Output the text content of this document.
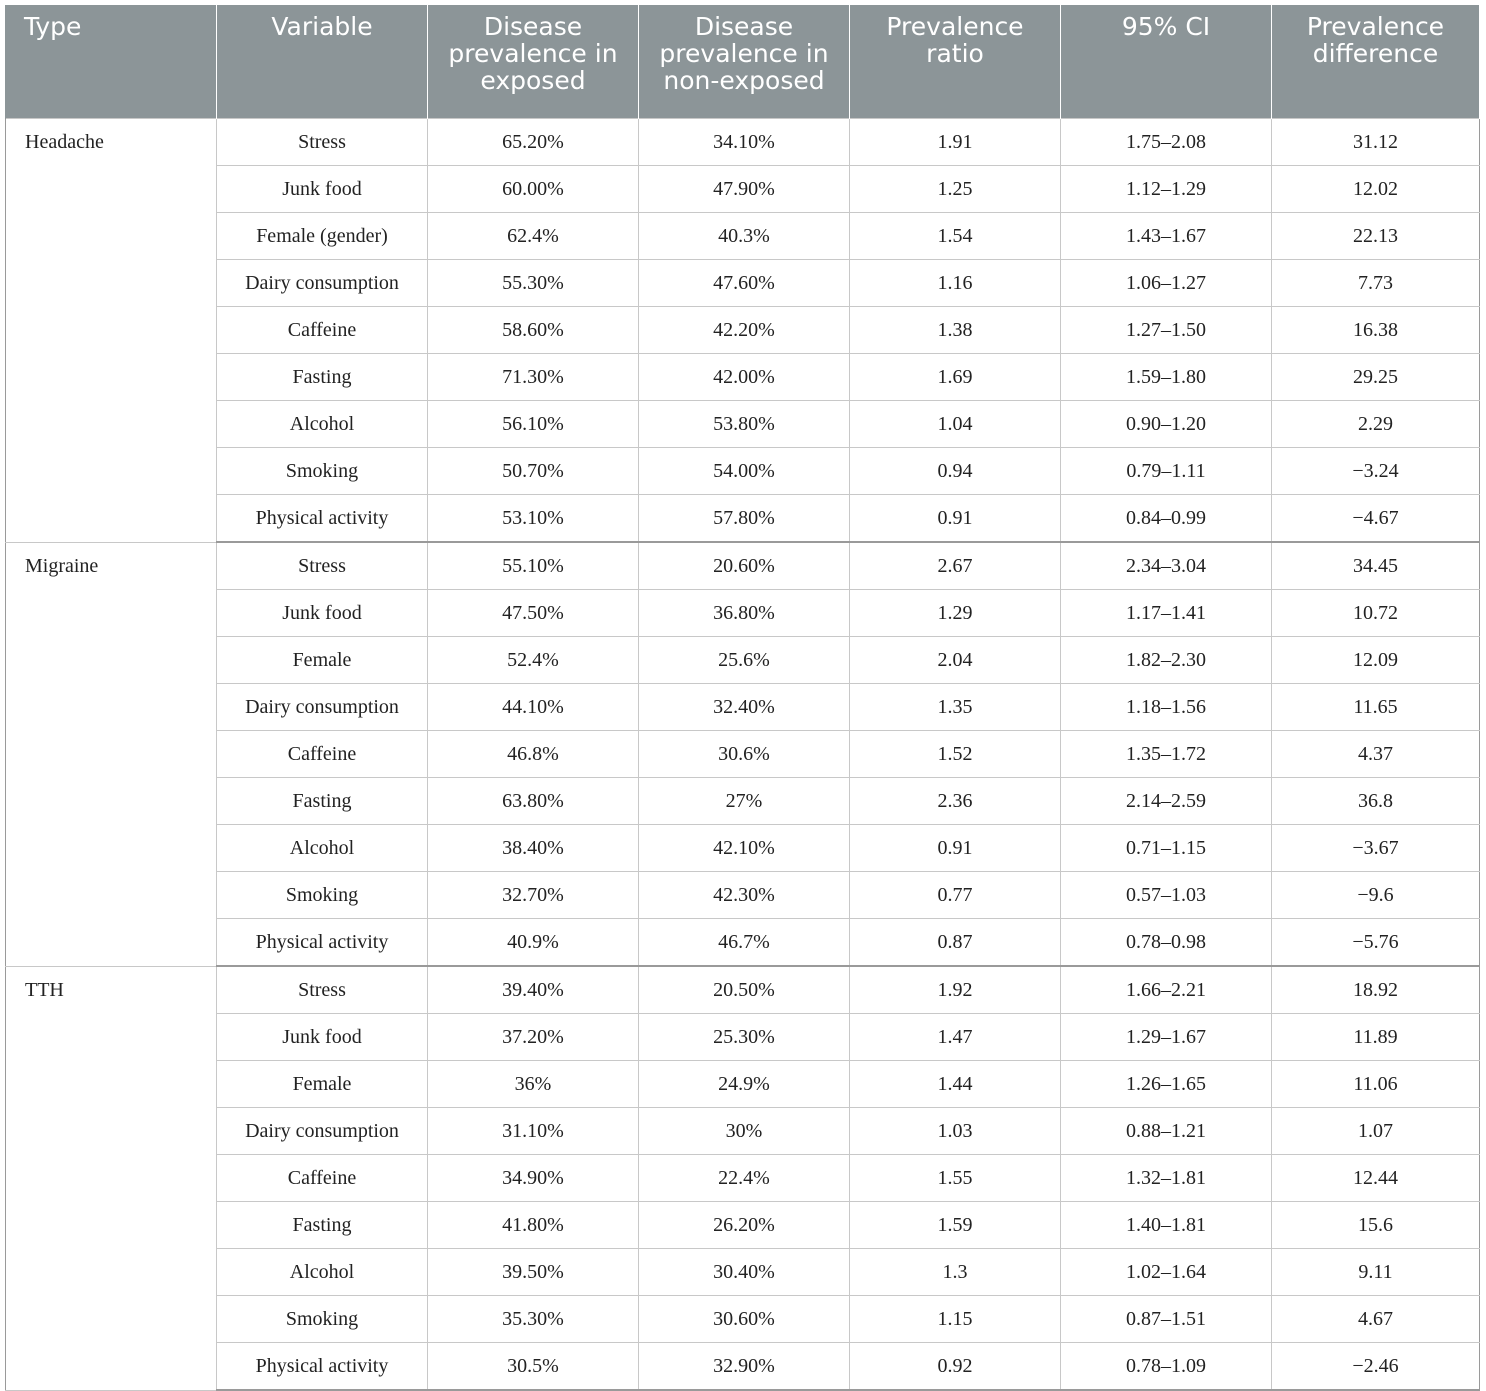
Type	Variable	Disease prevalence in exposed	Disease prevalence in non-exposed	Prevalence ratio	95% CI	Prevalence difference
Headache	Stress	65.20%	34.10%	1.91	1.75–2.08	31.12
	Junk food	60.00%	47.90%	1.25	1.12–1.29	12.02
	Female (gender)	62.4%	40.3%	1.54	1.43–1.67	22.13
	Dairy consumption	55.30%	47.60%	1.16	1.06–1.27	7.73
	Caffeine	58.60%	42.20%	1.38	1.27–1.50	16.38
	Fasting	71.30%	42.00%	1.69	1.59–1.80	29.25
	Alcohol	56.10%	53.80%	1.04	0.90–1.20	2.29
	Smoking	50.70%	54.00%	0.94	0.79–1.11	−3.24
	Physical activity	53.10%	57.80%	0.91	0.84–0.99	−4.67
Migraine	Stress	55.10%	20.60%	2.67	2.34–3.04	34.45
	Junk food	47.50%	36.80%	1.29	1.17–1.41	10.72
	Female	52.4%	25.6%	2.04	1.82–2.30	12.09
	Dairy consumption	44.10%	32.40%	1.35	1.18–1.56	11.65
	Caffeine	46.8%	30.6%	1.52	1.35–1.72	4.37
	Fasting	63.80%	27%	2.36	2.14–2.59	36.8
	Alcohol	38.40%	42.10%	0.91	0.71–1.15	−3.67
	Smoking	32.70%	42.30%	0.77	0.57–1.03	−9.6
	Physical activity	40.9%	46.7%	0.87	0.78–0.98	−5.76
TTH	Stress	39.40%	20.50%	1.92	1.66–2.21	18.92
	Junk food	37.20%	25.30%	1.47	1.29–1.67	11.89
	Female	36%	24.9%	1.44	1.26–1.65	11.06
	Dairy consumption	31.10%	30%	1.03	0.88–1.21	1.07
	Caffeine	34.90%	22.4%	1.55	1.32–1.81	12.44
	Fasting	41.80%	26.20%	1.59	1.40–1.81	15.6
	Alcohol	39.50%	30.40%	1.3	1.02–1.64	9.11
	Smoking	35.30%	30.60%	1.15	0.87–1.51	4.67
	Physical activity	30.5%	32.90%	0.92	0.78–1.09	−2.46
